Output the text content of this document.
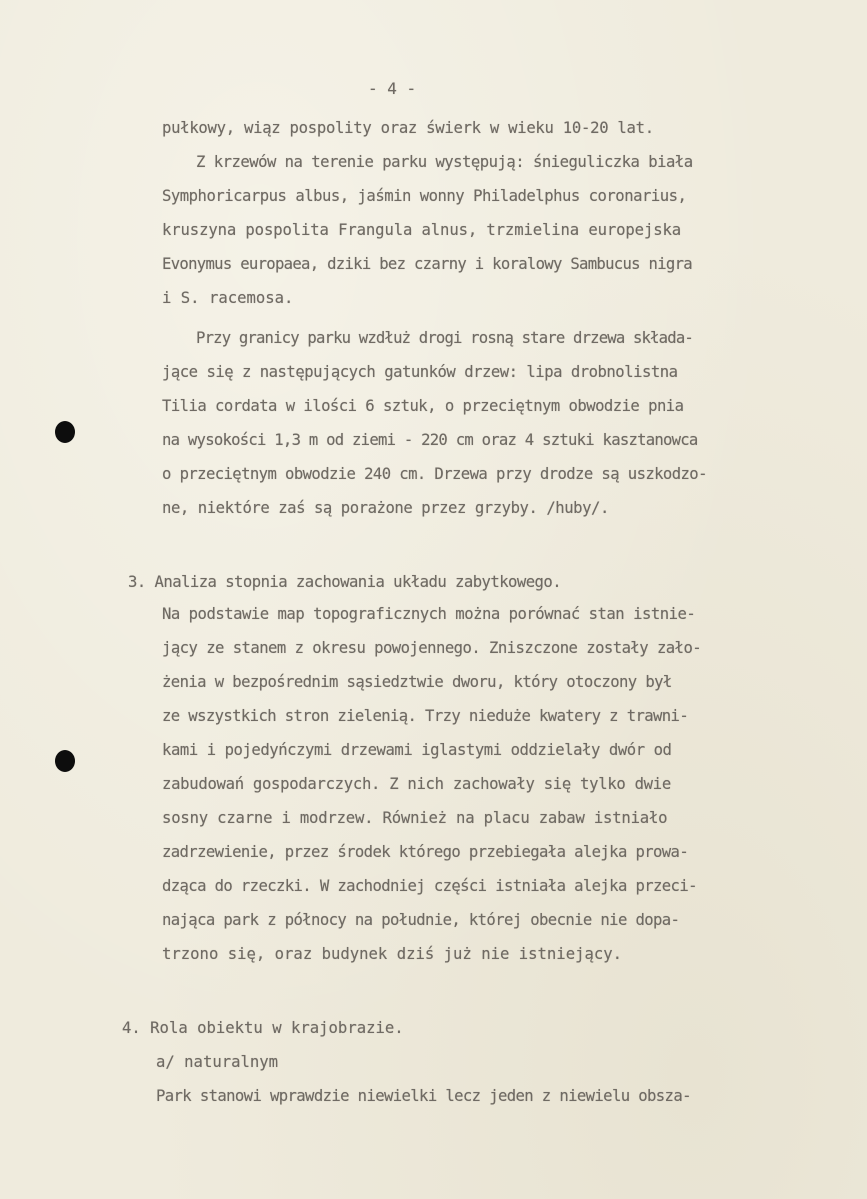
- 4 -
pułkowy, wiąz pospolity oraz świerk w wieku 10-20 lat.
Z krzewów na terenie parku występują: śnieguliczka biała
Symphoricarpus albus, jaśmin wonny Philadelphus coronarius,
kruszyna pospolita Frangula alnus, trzmielina europejska
Evonymus europaea, dziki bez czarny i koralowy Sambucus nigra
i S. racemosa.
Przy granicy parku wzdłuż drogi rosną stare drzewa składa-
jące się z następujących gatunków drzew: lipa drobnolistna
Tilia cordata w ilości 6 sztuk, o przeciętnym obwodzie pnia
na wysokości 1,3 m od ziemi - 220 cm oraz 4 sztuki kasztanowca
o przeciętnym obwodzie 240 cm. Drzewa przy drodze są uszkodzo-
ne, niektóre zaś są porażone przez grzyby. /huby/.
3. Analiza stopnia zachowania układu zabytkowego.
Na podstawie map topograficznych można porównać stan istnie-
jący ze stanem z okresu powojennego. Zniszczone zostały zało-
żenia w bezpośrednim sąsiedztwie dworu, który otoczony był
ze wszystkich stron zielenią. Trzy nieduże kwatery z trawni-
kami i pojedyńczymi drzewami iglastymi oddzielały dwór od
zabudowań gospodarczych. Z nich zachowały się tylko dwie
sosny czarne i modrzew. Również na placu zabaw istniało
zadrzewienie, przez środek którego przebiegała alejka prowa-
dząca do rzeczki. W zachodniej części istniała alejka przeci-
nająca park z północy na południe, której obecnie nie dopa-
trzono się, oraz budynek dziś już nie istniejący.
4. Rola obiektu w krajobrazie.
a/ naturalnym
Park stanowi wprawdzie niewielki lecz jeden z niewielu obsza-
